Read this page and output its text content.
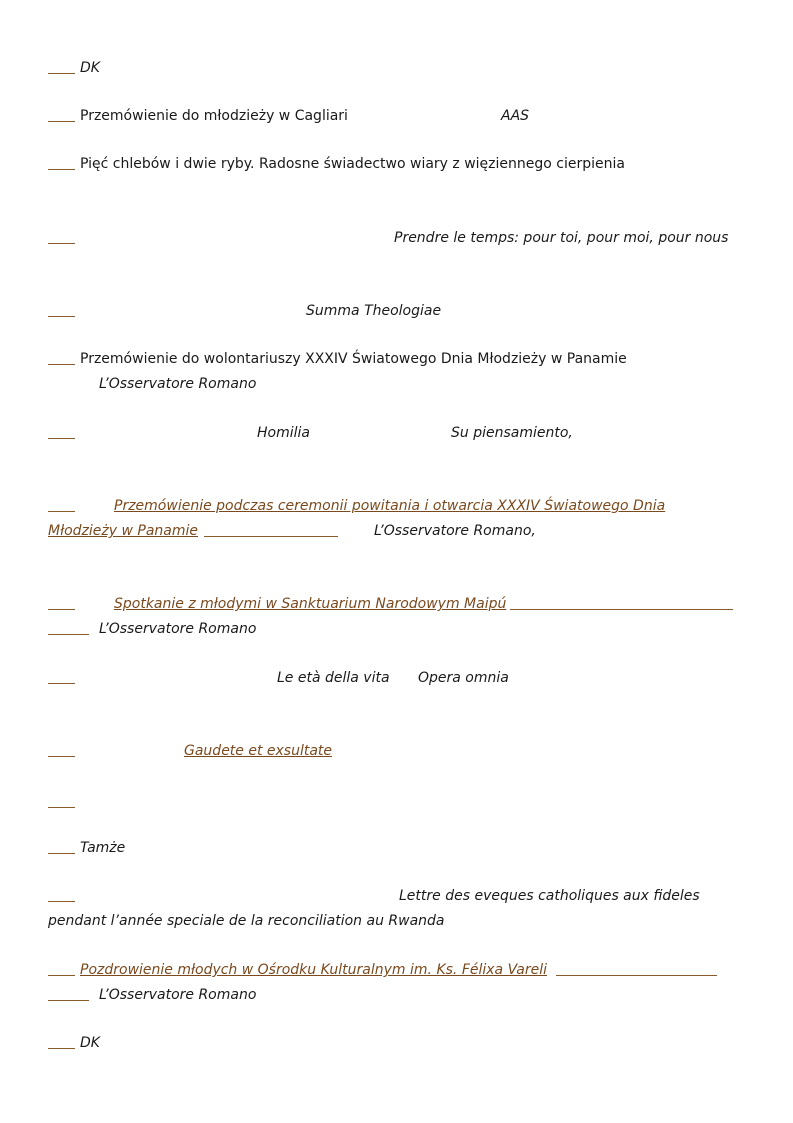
DK
Przemówienie do młodzieży w Cagliari	AAS
Pięć chlebów i dwie ryby. Radosne świadectwo wiary z więziennego cierpienia
Prendre le temps: pour toi, pour moi, pour nous
Summa Theologiae
Przemówienie do wolontariuszy XXXIV Światowego Dnia Młodzieży w Panamie
L’Osservatore Romano
Homilia	Su piensamiento,
Przemówienie podczas ceremonii powitania i otwarcia XXXIV Światowego Dnia
Młodzieży w Panamie	L’Osservatore Romano,
Spotkanie z młodymi w Sanktuarium Narodowym Maipú
L’Osservatore Romano
Le età della vita Opera omnia
Gaudete et exsultate
Tamże
Lettre des eveques catholiques aux fideles
pendant l’année speciale de la reconciliation au Rwanda
Pozdrowienie młodych w Ośrodku Kulturalnym im. Ks. Félixa Vareli
L’Osservatore Romano
DK
